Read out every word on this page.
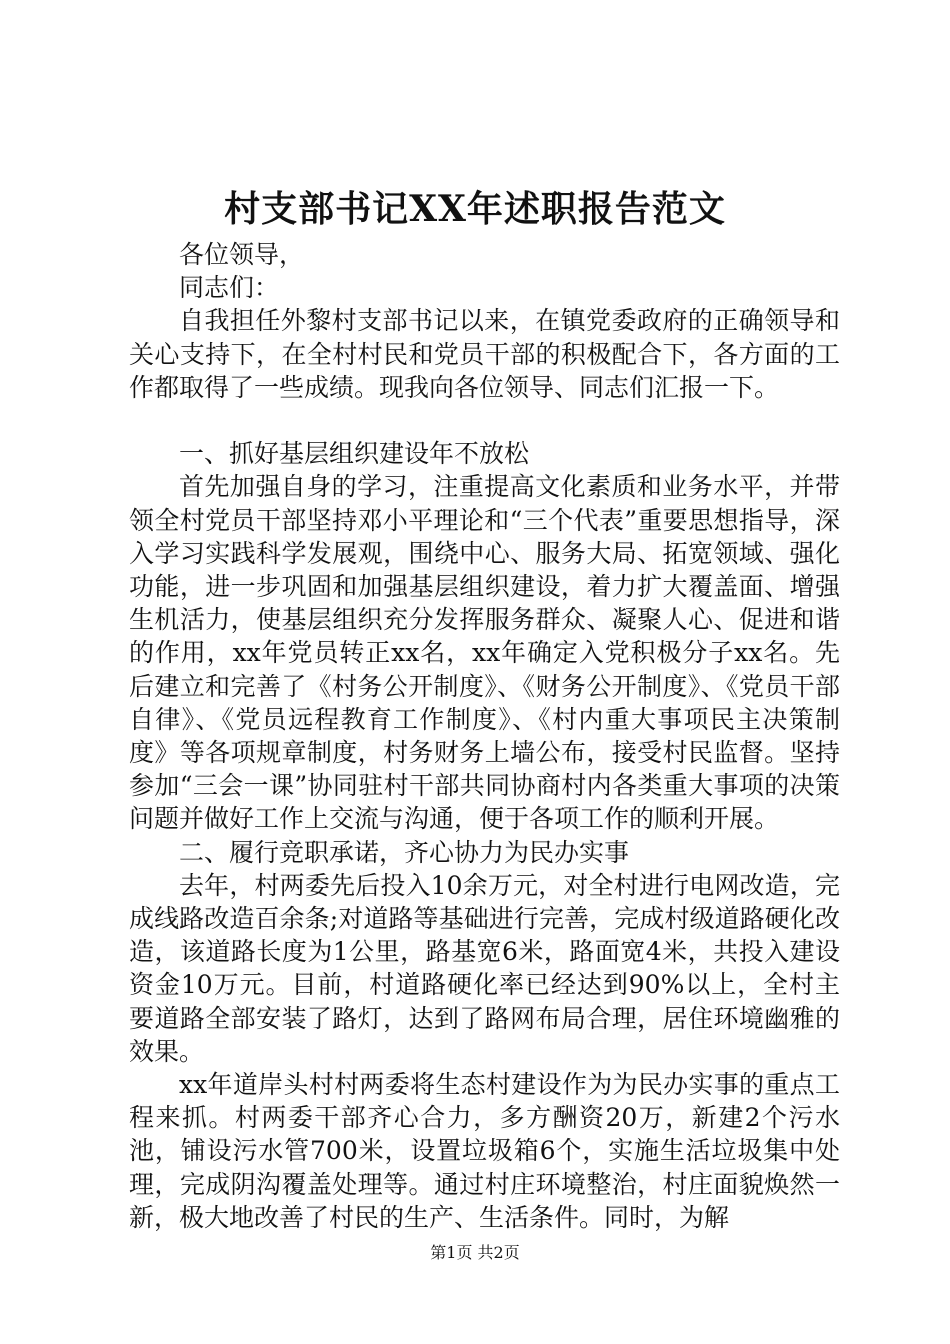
村支部书记XX年述职报告范文

各位领导，

同志们：

自我担任外黎村支部书记以来，在镇党委政府的正确领导和关心支持下，在全村村民和党员干部的积极配合下，各方面的工作都取得了一些成绩。现我向各位领导、同志们汇报一下。

一、抓好基层组织建设年不放松

首先加强自身的学习，注重提高文化素质和业务水平，并带领全村党员干部坚持邓小平理论和“三个代表”重要思想指导，深入学习实践科学发展观，围绕中心、服务大局、拓宽领域、强化功能，进一步巩固和加强基层组织建设，着力扩大覆盖面、增强生机活力，使基层组织充分发挥服务群众、凝聚人心、促进和谐的作用，xx年党员转正xx名，xx年确定入党积极分子xx名。先后建立和完善了《村务公开制度》、《财务公开制度》、《党员干部自律》、《党员远程教育工作制度》、《村内重大事项民主决策制度》等各项规章制度，村务财务上墙公布，接受村民监督。坚持参加“三会一课”协同驻村干部共同协商村内各类重大事项的决策问题并做好工作上交流与沟通，便于各项工作的顺利开展。

二、履行竞职承诺，齐心协力为民办实事

去年，村两委先后投入10余万元，对全村进行电网改造，完成线路改造百余条;对道路等基础进行完善，完成村级道路硬化改造，该道路长度为1公里，路基宽6米，路面宽4米，共投入建设资金10万元。目前，村道路硬化率已经达到90%以上，全村主要道路全部安装了路灯，达到了路网布局合理，居住环境幽雅的效果。

xx年道岸头村村两委将生态村建设作为为民办实事的重点工程来抓。村两委干部齐心合力，多方酬资20万，新建2个污水池，铺设污水管700米，设置垃圾箱6个，实施生活垃圾集中处理，完成阴沟覆盖处理等。通过村庄环境整治，村庄面貌焕然一新，极大地改善了村民的生产、生活条件。同时，为解

第1页 共2页
